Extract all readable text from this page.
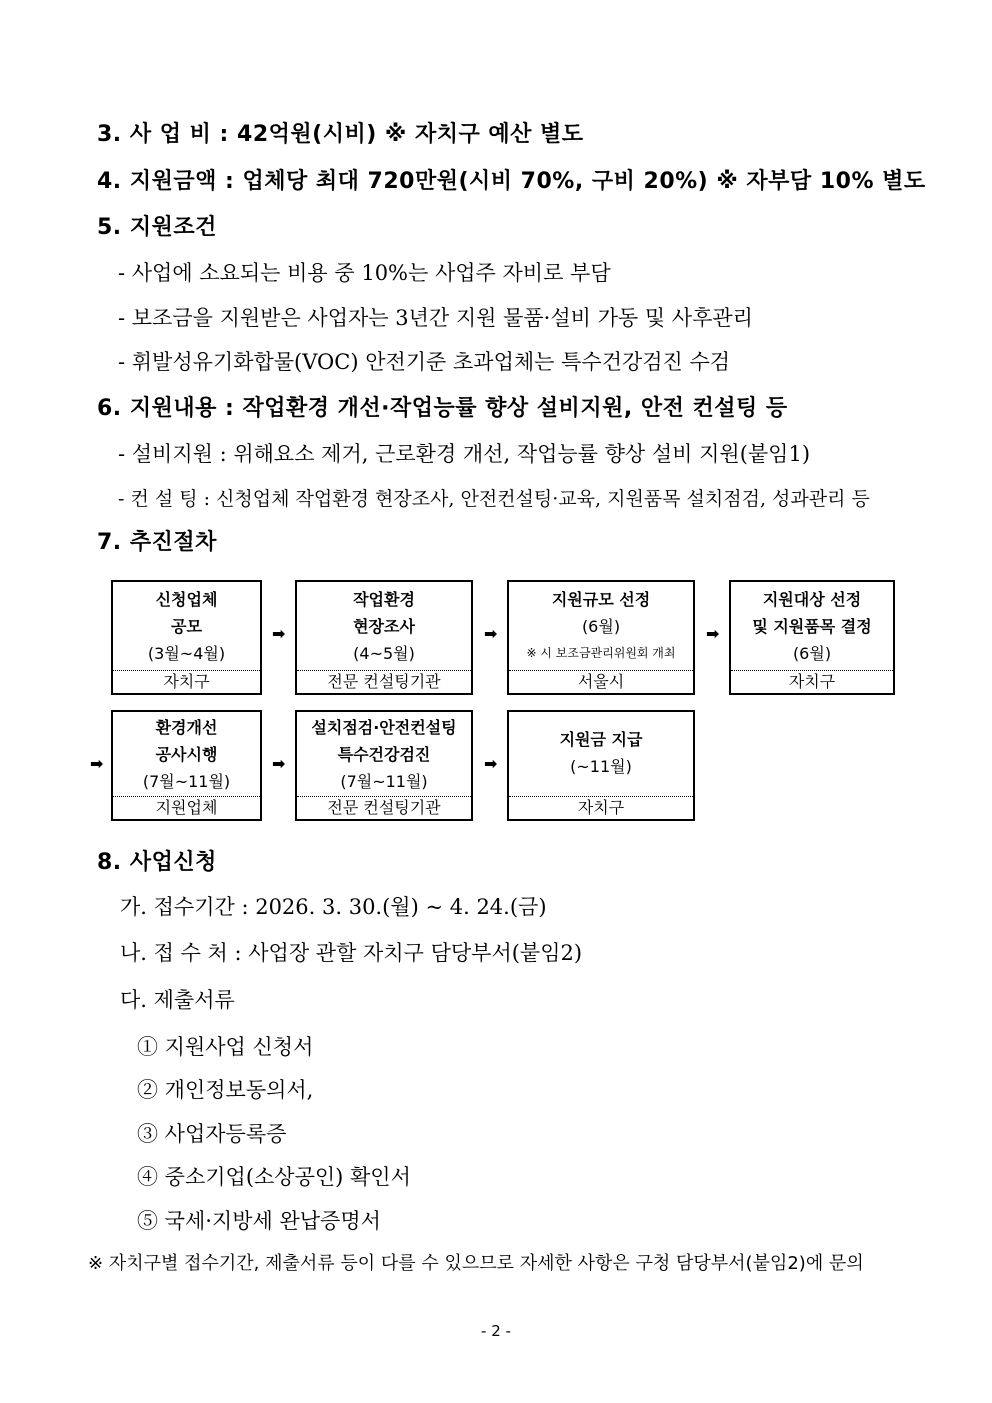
3. 사 업 비 : 42억원(시비) ※ 자치구 예산 별도
4. 지원금액 : 업체당 최대 720만원(시비 70%, 구비 20%) ※ 자부담 10% 별도
5. 지원조건
- 사업에 소요되는 비용 중 10%는 사업주 자비로 부담
- 보조금을 지원받은 사업자는 3년간 지원 물품·설비 가동 및 사후관리
- 휘발성유기화합물(VOC) 안전기준 초과업체는 특수건강검진 수검
6. 지원내용 : 작업환경 개선·작업능률 향상 설비지원, 안전 컨설팅 등
- 설비지원 : 위해요소 제거, 근로환경 개선, 작업능률 향상 설비 지원(붙임1)
- 컨 설 팅 : 신청업체 작업환경 현장조사, 안전컨설팅·교육, 지원품목 설치점검, 성과관리 등
7. 추진절차
신청업체
공모
(3월~4월)
자치구
➡
작업환경
현장조사
(4~5월)
전문 컨설팅기관
➡
지원규모 선정
(6월)
※ 시 보조금관리위원회 개최
서울시
➡
지원대상 선정
및 지원품목 결정
(6월)
자치구
➡
환경개선
공사시행
(7월~11월)
지원업체
➡
설치점검·안전컨설팅
특수건강검진
(7월~11월)
전문 컨설팅기관
➡
지원금 지급
(~11월)
자치구
8. 사업신청
가. 접수기간 : 2026. 3. 30.(월) ~ 4. 24.(금)
나. 접 수 처 : 사업장 관할 자치구 담당부서(붙임2)
다. 제출서류
① 지원사업 신청서
② 개인정보동의서,
③ 사업자등록증
④ 중소기업(소상공인) 확인서
⑤ 국세·지방세 완납증명서
※ 자치구별 접수기간, 제출서류 등이 다를 수 있으므로 자세한 사항은 구청 담당부서(붙임2)에 문의
- 2 -
